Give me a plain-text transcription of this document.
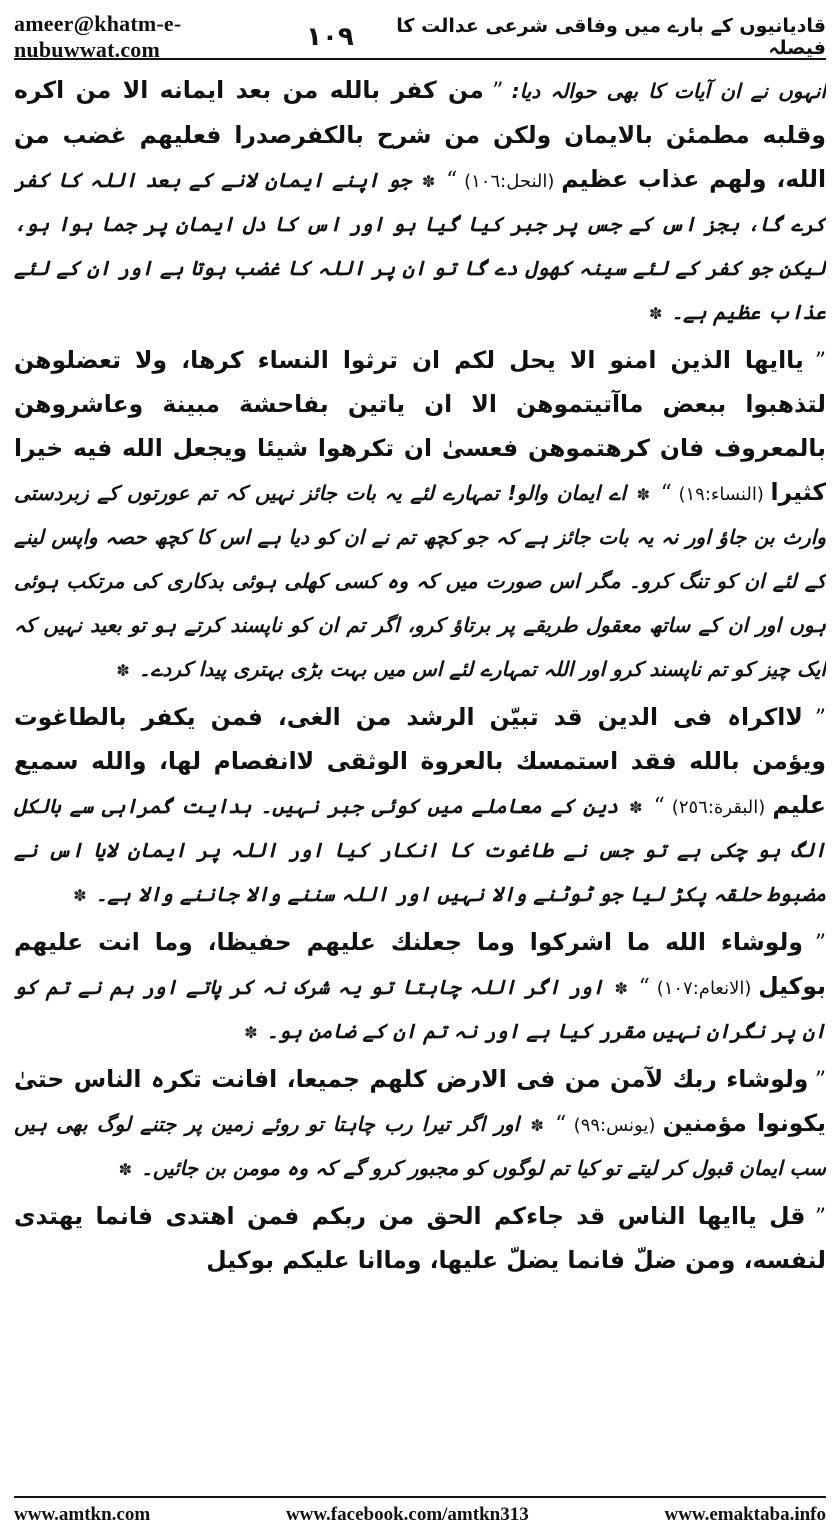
ameer@khatm-e-nubuwwat.com
قادیانیوں کے بارے میں وفاقی شرعی عدالت کا فیصلہ
۱۰۹

انہوں نے ان آیات کا بھی حوالہ دیا: ” من كفر بالله من بعد ايمانه الا من اكره وقلبه مطمئن بالايمان ولكن من شرح بالكفرصدرا فعليهم غضب من الله، ولهم عذاب عظيم (النحل:١٠٦) “ ✽ جو اپنے ایمان لانے کے بعد اللہ کا کفر کرے گا، بجز اس کے جس پر جبر کیا گیا ہو اور اس کا دل ایمان پر جما ہوا ہو، لیکن جو کفر کے لئے سینہ کھول دے گا تو ان پر اللہ کا غضب ہوتا ہے اور ان کے لئے عذاب عظیم ہے۔ ✽

” یاایھا الذین امنو الا یحل لکم ان ترثوا النساء کرھا، ولا تعضلوھن لتذھبوا ببعض ماآتیتموھن الا ان یاتین بفاحشة مبینة وعاشروھن بالمعروف فان کرھتموھن فعسیٰ ان تکرھوا شیئا ویجعل الله فیه خیرا کثیرا (النساء:١٩) “ ✽ اے ایمان والو! تمہارے لئے یہ بات جائز نہیں کہ تم عورتوں کے زبردستی وارث بن جاؤ اور نہ یہ بات جائز ہے کہ جو کچھ تم نے ان کو دیا ہے اس کا کچھ حصہ واپس لینے کے لئے ان کو تنگ کرو۔ مگر اس صورت میں کہ وہ کسی کھلی ہوئی بدکاری کی مرتکب ہوئی ہوں اور ان کے ساتھ معقول طریقے پر برتاؤ کرو، اگر تم ان کو ناپسند کرتے ہو تو بعید نہیں کہ ایک چیز کو تم ناپسند کرو اور اللہ تمہارے لئے اس میں بہت بڑی بہتری پیدا کردے۔ ✽

” لااکراہ فی الدین قد تبیّن الرشد من الغی، فمن یکفر بالطاغوت ویؤمن بالله فقد استمسك بالعروة الوثقی لاانفصام لھا، والله سمیع علیم (البقرة:٢٥٦) “ ✽ دین کے معاملے میں کوئی جبر نہیں۔ ہدایت گمراہی سے بالکل الگ ہو چکی ہے تو جس نے طاغوت کا انکار کیا اور اللہ پر ایمان لایا اس نے مضبوط حلقہ پکڑ لیا جو ٹوٹنے والا نہیں اور اللہ سننے والا جاننے والا ہے۔ ✽

” ولوشاء الله ما اشرکوا وما جعلنك علیھم حفیظا، وما انت علیھم بوکیل (الانعام:١٠٧) “ ✽ اور اگر اللہ چاہتا تو یہ شرک نہ کر پاتے اور ہم نے تم کو ان پر نگران نہیں مقرر کیا ہے اور نہ تم ان کے ضامن ہو۔ ✽

” ولوشاء ربك لآمن من فی الارض کلھم جمیعا، افانت تکرہ الناس حتیٰ یکونوا مؤمنین (یونس:٩٩) “ ✽ اور اگر تیرا رب چاہتا تو روئے زمین پر جتنے لوگ بھی ہیں سب ایمان قبول کر لیتے تو کیا تم لوگوں کو مجبور کرو گے کہ وہ مومن بن جائیں۔ ✽

” قل یاایھا الناس قد جاءکم الحق من ربکم فمن اھتدی فانما یھتدی لنفسه، ومن ضلّ فانما یضلّ علیھا، وماانا علیکم بوکیل

www.amtkn.com	www.facebook.com/amtkn313	www.emaktaba.info
